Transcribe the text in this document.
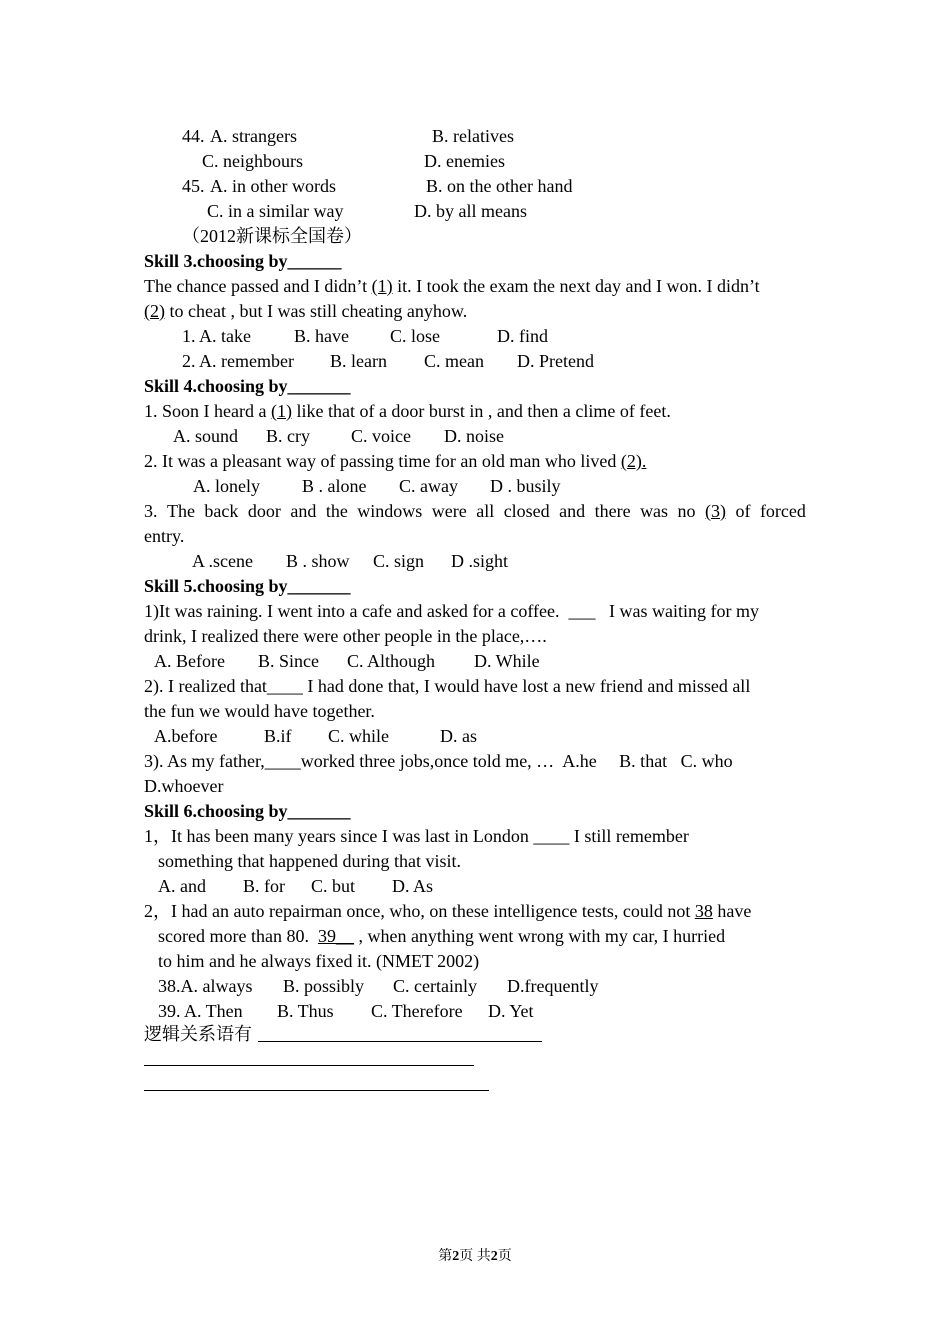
44. A. strangers	B. relatives
C. neighbours	D. enemies
45. A. in other words	B. on the other hand
C. in a similar way	D. by all means
（2012新课标全国卷）
Skill 3.choosing by______
The chance passed and I didn’t (1) it. I took the exam the next day and I won. I didn’t
(2) to cheat , but I was still cheating anyhow.
1. A. take B. have C. lose	D. find
2. A. remember B. learn C. mean D. Pretend
Skill 4.choosing by_______
1. Soon I heard a (1) like that of a door burst in , and then a clime of feet.
A. sound B. cry C. voice D. noise
2. It was a pleasant way of passing time for an old man who lived (2).
A. lonely B . alone C. away D . busily
3. The back door and the windows were all closed and there was no (3) of forced
entry.
A .scene B . show C. sign D .sight
Skill 5.choosing by_______
1)It was raining. I went into a cafe and asked for a coffee.  ___   I was waiting for my
drink, I realized there were other people in the place,….
A. Before B. Since C. Although D. While
2). I realized that____ I had done that, I would have lost a new friend and missed all
the fun we would have together.
A.before	B.if C. while	D. as
3). As my father,____worked three jobs,once told me, …  A.he     B. that   C. who
D.whoever
Skill 6.choosing by_______
1，It has been many years since I was last in London ____ I still remember
something that happened during that visit.
A. and B. for C. but D. As
2，I had an auto repairman once, who, on these intelligence tests, could not 38 have
scored more than 80.  39__ , when anything went wrong with my car, I hurried
to him and he always fixed it. (NMET 2002)
38.A. always B. possibly C. certainly D.frequently
39. A. Then B. Thus C. Therefore D. Yet
逻辑关系语有
第2页 共2页
